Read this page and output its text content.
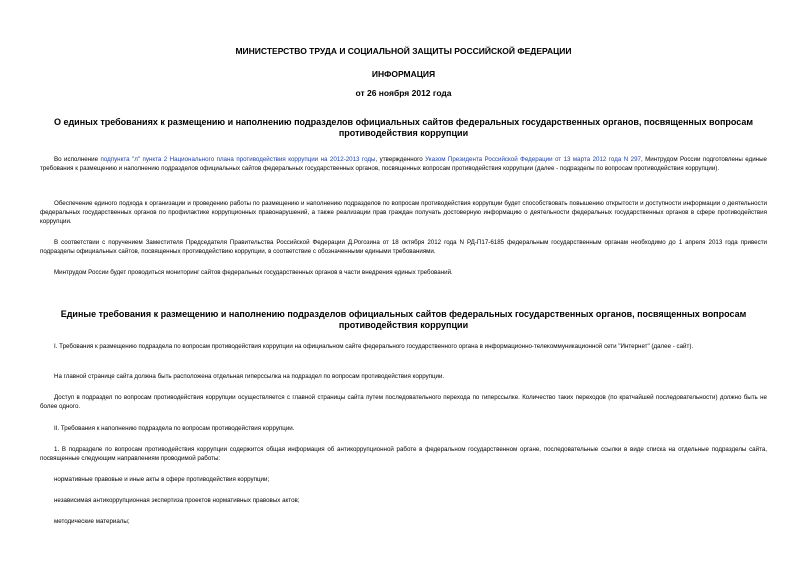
МИНИСТЕРСТВО ТРУДА И СОЦИАЛЬНОЙ ЗАЩИТЫ РОССИЙСКОЙ ФЕДЕРАЦИИ
ИНФОРМАЦИЯ
от 26 ноября 2012 года
О единых требованиях к размещению и наполнению подразделов официальных сайтов федеральных государственных органов, посвященных вопросам противодействия коррупции
Во исполнение подпункта "л" пункта 2 Национального плана противодействия коррупции на 2012-2013 годы, утвержденного Указом Президента Российской Федерации от 13 марта 2012 года N 297, Минтрудом России подготовлены единые требования к размещению и наполнению подразделов официальных сайтов федеральных государственных органов, посвященных вопросам противодействия коррупции (далее - подразделы по вопросам противодействия коррупции).
Обеспечение единого подхода к организации и проведению работы по размещению и наполнению подразделов по вопросам противодействия коррупции будет способствовать повышению открытости и доступности информации о деятельности федеральных государственных органов по профилактике коррупционных правонарушений, а также реализации прав граждан получать достоверную информацию о деятельности федеральных государственных органов в сфере противодействия коррупции.
В соответствии с поручением Заместителя Председателя Правительства Российской Федерации Д.Рогозина от 18 октября 2012 года N РД-П17-6185 федеральным государственным органам необходимо до 1 апреля 2013 года привести подразделы официальных сайтов, посвященных противодействию коррупции, в соответствие с обозначенными едиными требованиями.
Минтрудом России будет проводиться мониторинг сайтов федеральных государственных органов в части внедрения единых требований.
Единые требования к размещению и наполнению подразделов официальных сайтов федеральных государственных органов, посвященных вопросам противодействия коррупции
I. Требования к размещению подраздела по вопросам противодействия коррупции на официальном сайте федерального государственного органа в информационно-телекоммуникационной сети "Интернет" (далее - сайт).
На главной странице сайта должна быть расположена отдельная гиперссылка на подраздел по вопросам противодействия коррупции.
Доступ в подраздел по вопросам противодействия коррупции осуществляется с главной страницы сайта путем последовательного перехода по гиперссылке. Количество таких переходов (по кратчайшей последовательности) должно быть не более одного.
II. Требования к наполнению подраздела по вопросам противодействия коррупции.
1. В подразделе по вопросам противодействия коррупции содержится общая информация об антикоррупционной работе в федеральном государственном органе, последовательные ссылки в виде списка на отдельные подразделы сайта, посвященные следующим направлениям проводимой работы:
нормативные правовые и иные акты в сфере противодействия коррупции;
независимая антикоррупционная экспертиза проектов нормативных правовых актов;
методические материалы;
